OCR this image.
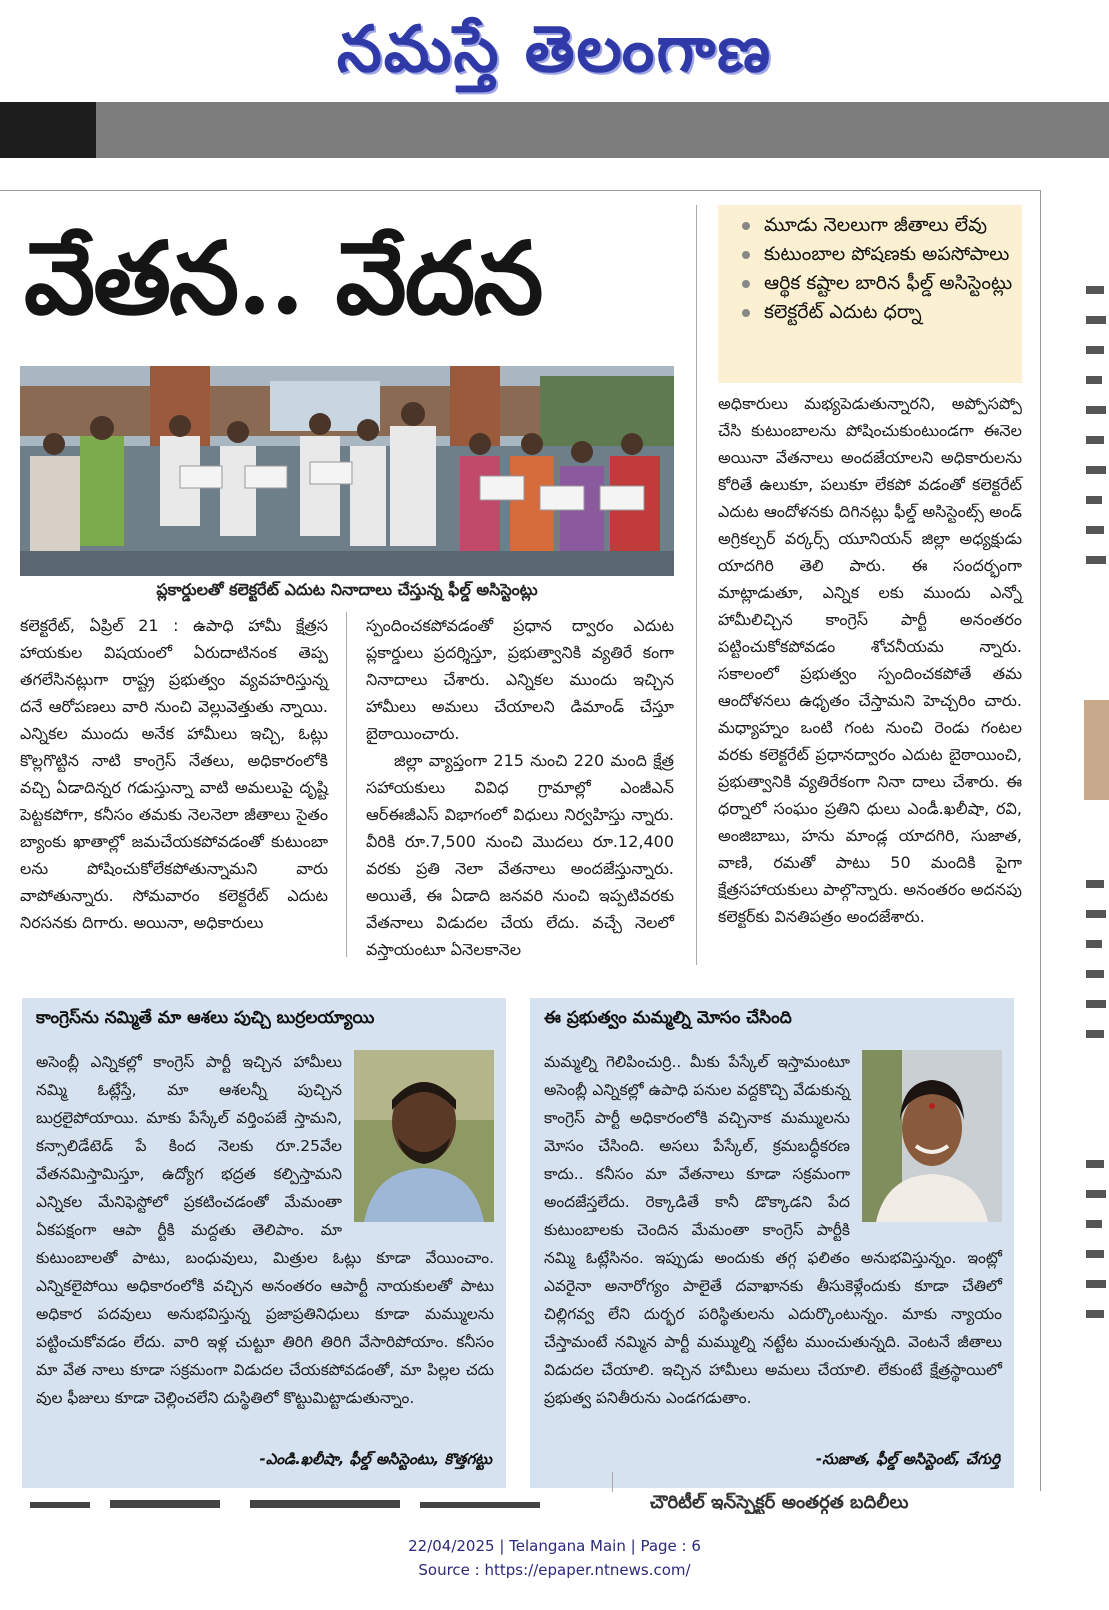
నమస్తే తెలంగాణ
వేతన.. వేదన	మూడు నెలలుగా జీతాలు లేవు
కుటుంబాల పోషణకు అపసోపాలు
ఆర్థిక కష్టాల బారిన ఫీల్డ్ అసిస్టెంట్లు
కలెక్టరేట్ ఎదుట ధర్నా
ప్లకార్డులతో కలెక్టరేట్ ఎదుట నినాదాలు చేస్తున్న ఫీల్డ్ అసిస్టెంట్లు

కలెక్టరేట్, ఏప్రిల్ 21 : ఉపాధి హామీ క్షేత్రస హాయకుల విషయంలో ఏరుదాటినంక తెప్ప తగలేసినట్లుగా రాష్ట్ర ప్రభుత్వం వ్యవహరిస్తున్న దనే ఆరోపణలు వారి నుంచి వెల్లువెత్తుతు న్నాయి. ఎన్నికల ముందు అనేక హామీలు ఇచ్చి, ఓట్లు కొల్లగొట్టిన నాటి కాంగ్రెస్ నేతలు, అధికారంలోకి వచ్చి ఏడాదిన్నర గడుస్తున్నా వాటి అమలుపై దృష్టి పెట్టకపోగా, కనీసం తమకు నెలనెలా జీతాలు సైతం బ్యాంకు ఖాతాల్లో జమచేయకపోవడంతో కుటుంబా లను పోషించుకోలేకపోతున్నామని వారు వాపోతున్నారు. సోమవారం కలెక్టరేట్ ఎదుట నిరసనకు దిగారు. అయినా, అధికారులు

స్పందించకపోవడంతో ప్రధాన ద్వారం ఎదుట ప్లకార్డులు ప్రదర్శిస్తూ, ప్రభుత్వానికి వ్యతిరే కంగా నినాదాలు చేశారు. ఎన్నికల ముందు ఇచ్చిన హామీలు అమలు చేయాలని డిమాండ్ చేస్తూ బైఠాయించారు.

జిల్లా వ్యాప్తంగా 215 నుంచి 220 మంది క్షేత్ర సహాయకులు వివిధ గ్రామాల్లో ఎంజీఎన్ ఆర్ఈజీఎస్ విభాగంలో విధులు నిర్వహిస్తు న్నారు. వీరికి రూ.7,500 నుంచి మొదలు రూ.12,400 వరకు ప్రతి నెలా వేతనాలు అందజేస్తున్నారు. అయితే, ఈ ఏడాది జనవరి నుంచి ఇప్పటివరకు వేతనాలు విడుదల చేయ లేదు. వచ్చే నెలలో వస్తాయంటూ ఏనెలకానెల

అధికారులు మభ్యపెడుతున్నారని, అప్పోసప్పో చేసి కుటుంబాలను పోషించుకుంటుండగా ఈనెల అయినా వేతనాలు అందజేయాలని అధికారులను కోరితే ఉలుకూ, పలుకూ లేకపో వడంతో కలెక్టరేట్ ఎదుట ఆందోళనకు దిగినట్లు ఫీల్డ్ అసిస్టెంట్స్ అండ్ అగ్రికల్చర్ వర్కర్స్ యూనియన్ జిల్లా అధ్యక్షుడు యాదగిరి తెలి పారు. ఈ సందర్భంగా మాట్లాడుతూ, ఎన్నిక లకు ముందు ఎన్నో హామీలిచ్చిన కాంగ్రెస్ పార్టీ అనంతరం పట్టించుకోకపోవడం శోచనీయమ న్నారు. సకాలంలో ప్రభుత్వం స్పందించకపోతే తమ ఆందోళనలు ఉధృతం చేస్తామని హెచ్చరిం చారు. మధ్యాహ్నం ఒంటి గంట నుంచి రెండు గంటల వరకు కలెక్టరేట్ ప్రధానద్వారం ఎదుట బైఠాయించి, ప్రభుత్వానికి వ్యతిరేకంగా నినా దాలు చేశారు. ఈ ధర్నాలో సంఘం ప్రతిని ధులు ఎండీ.ఖలీషా, రవి, అంజిబాబు, హను మాండ్ల యాదగిరి, సుజాత, వాణి, రమతో పాటు 50 మందికి పైగా క్షేత్రసహాయకులు పాల్గొన్నారు. అనంతరం అదనపు కలెక్టర్‌కు వినతిపత్రం అందజేశారు.

కాంగ్రెస్‌ను నమ్మితే మా ఆశలు పుచ్చి బుర్రలయ్యాయి

అసెంబ్లీ ఎన్నికల్లో కాంగ్రెస్ పార్టీ ఇచ్చిన హామీలు నమ్మి ఓట్లేస్తే, మా ఆశలన్నీ పుచ్చిన బుర్రలైపోయాయి. మాకు పేస్కేల్ వర్తింపజే స్తామని, కన్సాలిడేటెడ్ పే కింద నెలకు రూ.25వేల వేతనమిస్తామిస్తూ, ఉద్యోగ భద్రత కల్పిస్తామని ఎన్నికల మేనిఫెస్టోలో ప్రకటించడంతో మేమంతా ఏకపక్షంగా ఆపా ర్టీకి మద్దతు తెలిపాం. మా కుటుంబాలతో పాటు, బంధువులు, మిత్రుల ఓట్లు కూడా వేయించాం. ఎన్నికలైపోయి అధికారంలోకి వచ్చిన అనంతరం ఆపార్టీ నాయకులతో పాటు అధికార పదవులు అనుభవిస్తున్న ప్రజాప్రతినిధులు కూడా మమ్ములను పట్టించుకోవడం లేదు. వారి ఇళ్ల చుట్టూ తిరిగి తిరిగి వేసారిపోయాం. కనీసం మా వేత నాలు కూడా సక్రమంగా విడుదల చేయకపోవడంతో, మా పిల్లల చదు వుల ఫీజులు కూడా చెల్లించలేని దుస్థితిలో కొట్టుమిట్టాడుతున్నాం.

-ఎండి.ఖలీషా, ఫీల్డ్ అసిస్టెంటు, కొత్తగట్టు
ఈ ప్రభుత్వం మమ్మల్ని మోసం చేసింది

మమ్మల్ని గెలిపించుర్రి.. మీకు పేస్కేల్ ఇస్తామంటూ అసెంబ్లీ ఎన్నికల్లో ఉపాధి పనుల వద్దకొచ్చి వేడుకున్న కాంగ్రెస్ పార్టీ అధికారంలోకి వచ్చినాక మమ్ములను మోసం చేసింది. అసలు పేస్కేల్, క్రమబద్ధీకరణ కాదు.. కనీసం మా వేతనాలు కూడా సక్రమంగా అందజేస్తలేదు. రెక్కాడితే కానీ డొక్కాడని పేద కుటుంబాలకు చెందిన మేమంతా కాంగ్రెస్ పార్టీకి నమ్మి ఓట్లేసినం. ఇప్పుడు అందుకు తగ్గ ఫలితం అనుభవిస్తున్నం. ఇంట్లో ఎవరైనా అనారోగ్యం పాలైతే దవాఖానకు తీసుకెళ్లేందుకు కూడా చేతిలో చిల్లిగవ్వ లేని దుర్భర పరిస్థితులను ఎదుర్కొంటున్నం. మాకు న్యాయం చేస్తామంటే నమ్మిన పార్టీ మమ్ముల్ని నట్టేట ముంచుతున్నది. వెంటనే జీతాలు విడుదల చేయాలి. ఇచ్చిన హామీలు అమలు చేయాలి. లేకుంటే క్షేత్రస్థాయిలో ప్రభుత్వ పనితీరును ఎండగడుతాం.

-సుజాత, ఫీల్డ్ అసిస్టెంట్, చేగుర్తి
చౌరిటీల్ ఇన్‌స్పెక్టర్ అంతర్గత బదిలీలు
22/04/2025 | Telangana Main | Page : 6
Source : https://epaper.ntnews.com/
